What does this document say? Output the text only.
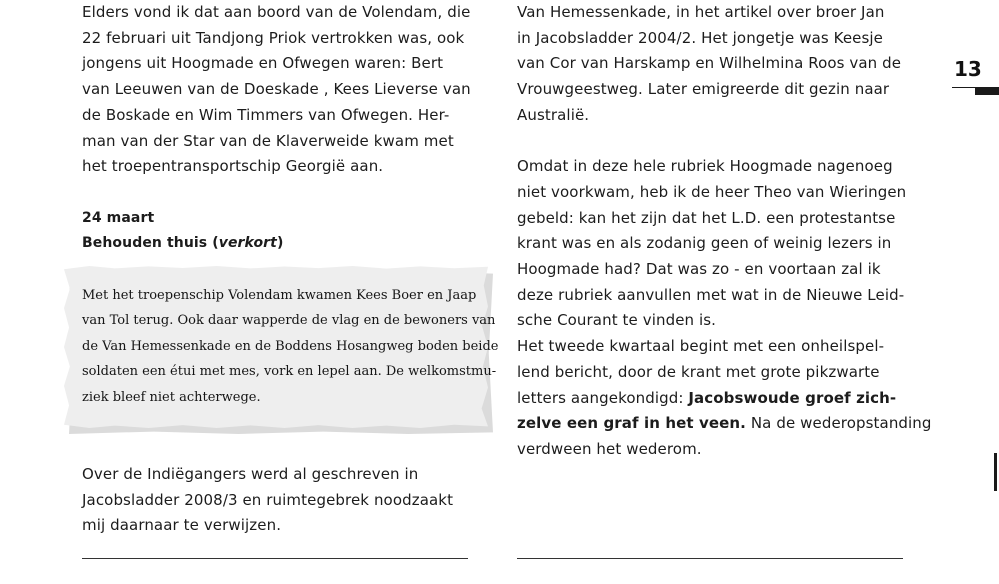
Elders vond ik dat aan boord van de Volendam, die
22 februari uit Tandjong Priok vertrokken was, ook
jongens uit Hoogmade en Ofwegen waren: Bert
van Leeuwen van de Doeskade , Kees Lieverse van
de Boskade en Wim Timmers van Ofwegen. Her-
man van der Star van de Klaverweide kwam met
het troepentransportschip Georgië aan.
24 maart
Behouden thuis (verkort)
Met het troepenschip Volendam kwamen Kees Boer en Jaap
van Tol terug. Ook daar wapperde de vlag en de bewoners van
de Van Hemessenkade en de Boddens Hosangweg boden beide
soldaten een étui met mes, vork en lepel aan. De welkomstmu-
ziek bleef niet achterwege.
Over de Indiëgangers werd al geschreven in
Jacobsladder 2008/3 en ruimtegebrek noodzaakt
mij daarnaar te verwijzen.
Van Hemessenkade, in het artikel over broer Jan
in Jacobsladder 2004/2. Het jongetje was Keesje
van Cor van Harskamp en Wilhelmina Roos van de
Vrouwgeestweg. Later emigreerde dit gezin naar
Australië.
Omdat in deze hele rubriek Hoogmade nagenoeg
niet voorkwam, heb ik de heer Theo van Wieringen
gebeld: kan het zijn dat het L.D. een protestantse
krant was en als zodanig geen of weinig lezers in
Hoogmade had? Dat was zo - en voortaan zal ik
deze rubriek aanvullen met wat in de Nieuwe Leid-
sche Courant te vinden is.
Het tweede kwartaal begint met een onheilspel-
lend bericht, door de krant met grote pikzwarte
letters aangekondigd: Jacobswoude groef zich-
zelve een graf in het veen. Na de wederopstanding
verdween het wederom.
13
